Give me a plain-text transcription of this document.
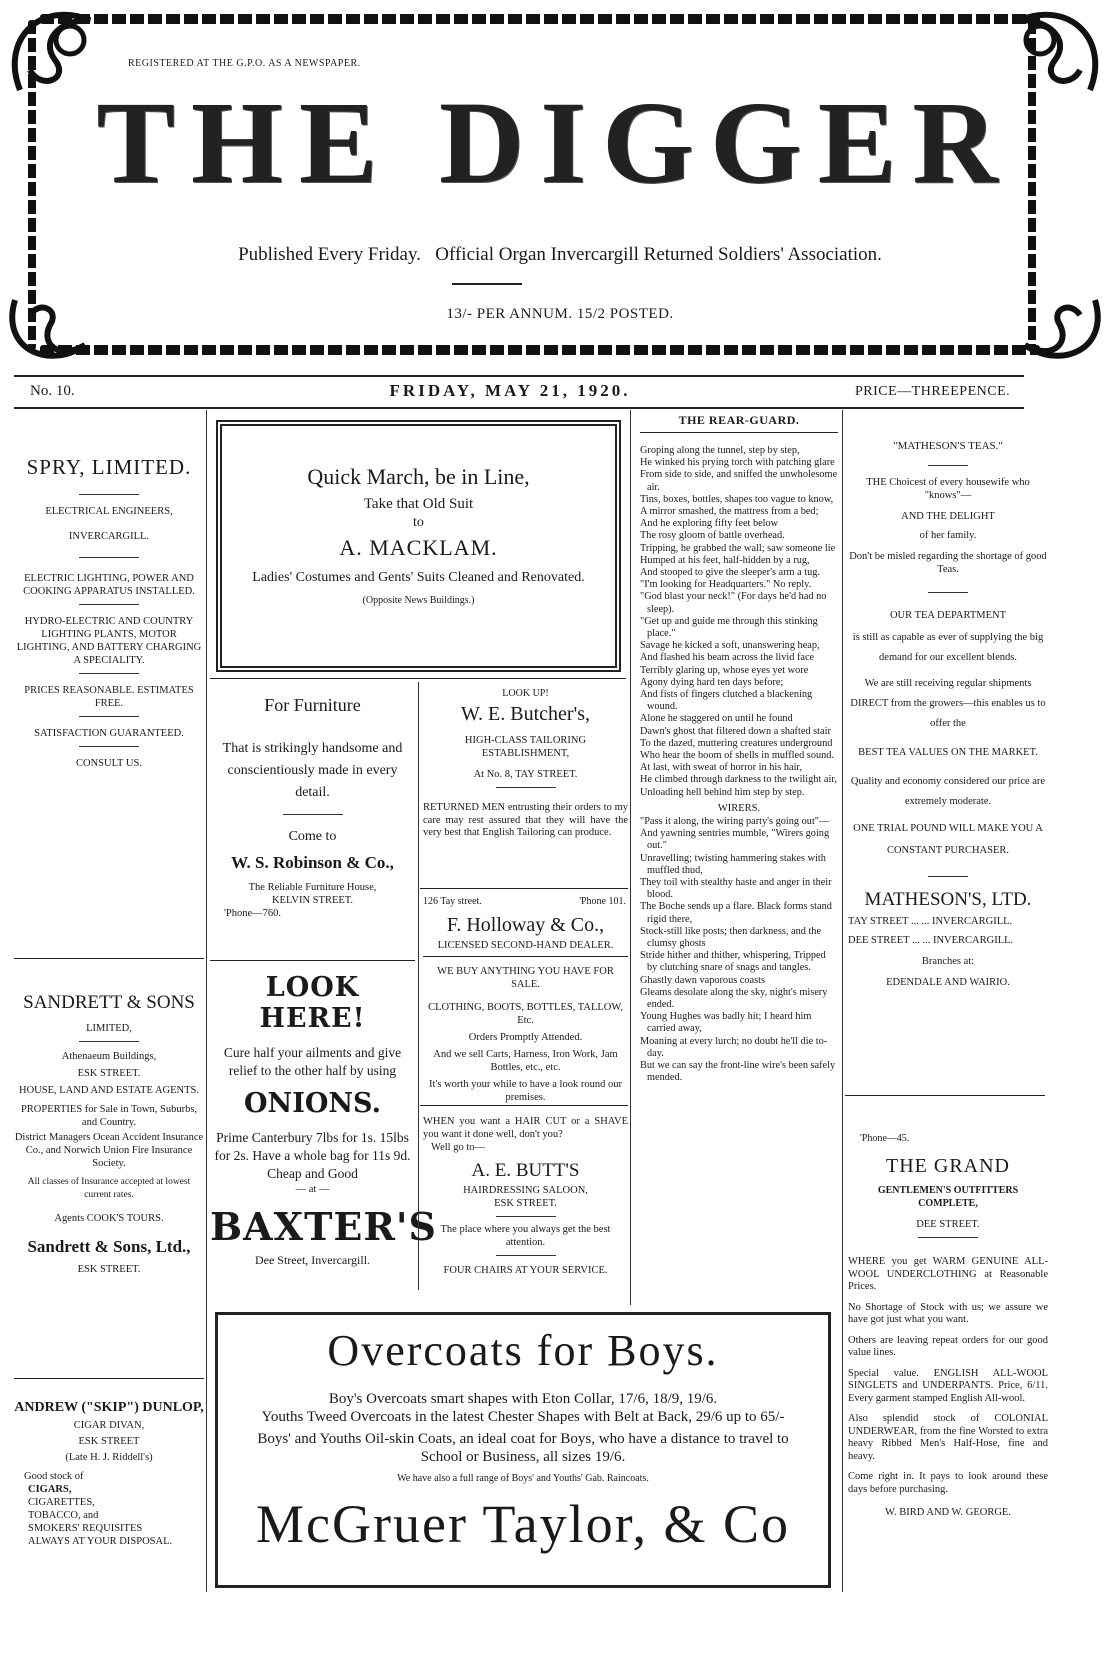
REGISTERED AT THE G.P.O. AS A NEWSPAPER.
THE DIGGER
Published Every Friday.   Official Organ Invercargill Returned Soldiers' Association.
13/- PER ANNUM. 15/2 POSTED.
No. 10.	FRIDAY, MAY 21, 1920.	PRICE—THREEPENCE.
SPRY, LIMITED.
ELECTRICAL ENGINEERS,
INVERCARGILL.
ELECTRIC LIGHTING, POWER AND COOKING APPARATUS INSTALLED.
HYDRO-ELECTRIC AND COUNTRY LIGHTING PLANTS, MOTOR LIGHTING, AND BATTERY CHARGING A SPECIALITY.
PRICES REASONABLE. ESTIMATES FREE.
SATISFACTION GUARANTEED.
CONSULT US.
SANDRETT & SONS
LIMITED,
Athenaeum Buildings,
ESK STREET.
HOUSE, LAND AND ESTATE AGENTS.
PROPERTIES for Sale in Town, Suburbs, and Country.
District Managers Ocean Accident Insurance Co., and Norwich Union Fire Insurance Society.
All classes of Insurance accepted at lowest current rates.
Agents COOK'S TOURS.
Sandrett & Sons, Ltd.,
ESK STREET.
ANDREW ("SKIP") DUNLOP,
CIGAR DIVAN,
ESK STREET
(Late H. J. Riddell's)
Good stock of
CIGARS,
CIGARETTES,
TOBACCO, and
SMOKERS' REQUISITES
ALWAYS AT YOUR DISPOSAL.
Quick March, be in Line,
Take that Old Suit
to
A. MACKLAM.
Ladies' Costumes and Gents' Suits Cleaned and Renovated.
(Opposite News Buildings.)
For Furniture
That is strikingly handsome and conscientiously made in every detail.
Come to
W. S. Robinson & Co.,
The Reliable Furniture House,
KELVIN STREET.
'Phone—760.
LOOK HERE!
Cure half your ailments and give relief to the other half by using
ONIONS.
Prime Canterbury 7lbs for 1s. 15lbs for 2s. Have a whole bag for 11s 9d. Cheap and Good
— at —
BAXTER'S
Dee Street, Invercargill.
LOOK UP!
W. E. Butcher's,
HIGH-CLASS TAILORING ESTABLISHMENT,
At No. 8, TAY STREET.
RETURNED MEN entrusting their orders to my care may rest assured that they will have the very best that English Tailoring can produce.
126 Tay street.	'Phone 101.
F. Holloway & Co.,
LICENSED SECOND-HAND DEALER.
WE BUY ANYTHING YOU HAVE FOR SALE.
CLOTHING, BOOTS, BOTTLES, TALLOW, Etc.
Orders Promptly Attended.
And we sell Carts, Harness, Iron Work, Jam Bottles, etc., etc.
It's worth your while to have a look round our premises.
WHEN you want a HAIR CUT or a SHAVE you want it done well, don't you?
Well go to—
A. E. BUTT'S
HAIRDRESSING SALOON,
ESK STREET.
The place where you always get the best attention.
FOUR CHAIRS AT YOUR SERVICE.
THE REAR-GUARD.

Groping along the tunnel, step by step,

He winked his prying torch with patching glare

From side to side, and sniffed the unwholesome air.

Tins, boxes, bottles, shapes too vague to know,

A mirror smashed, the mattress from a bed;

And he exploring fifty feet below

The rosy gloom of battle overhead.

Tripping, he grabbed the wall; saw someone lie

Humped at his feet, half-hidden by a rug,

And stooped to give the sleeper's arm a tug.

"I'm looking for Headquarters." No reply.

"God blast your neck!" (For days he'd had no sleep).

"Get up and guide me through this stinking place."

Savage he kicked a soft, unanswering heap,

And flashed his beam across the livid face

Terribly glaring up, whose eyes yet wore

Agony dying hard ten days before;

And fists of fingers clutched a blackening wound.

Alone he staggered on until he found

Dawn's ghost that filtered down a shafted stair

To the dazed, muttering creatures underground

Who hear the boom of shells in muffled sound.

At last, with sweat of horror in his hair,

He climbed through darkness to the twilight air,

Unloading hell behind him step by step.

WIRERS.

"Pass it along, the wiring party's going out"—

And yawning sentries mumble, "Wirers going out."

Unravelling; twisting hammering stakes with muffled thud,

They toil with stealthy haste and anger in their blood.

The Boche sends up a flare. Black forms stand rigid there,

Stock-still like posts; then darkness, and the clumsy ghosts

Stride hither and thither, whispering, Tripped by clutching snare of snags and tangles.

Ghastly dawn vaporous coasts

Gleams desolate along the sky, night's misery ended.

Young Hughes was badly hit; I heard him carried away,

Moaning at every lurch; no doubt he'll die to-day.

But we can say the front-line wire's been safely mended.

"MATHESON'S TEAS."
THE Choicest of every housewife who "knows"—
AND THE DELIGHT
of her family.
Don't be misled regarding the shortage of good Teas.
OUR TEA DEPARTMENT
is still as capable as ever of supplying the big demand for our excellent blends.
We are still receiving regular shipments DIRECT from the growers—this enables us to offer the
BEST TEA VALUES ON THE MARKET.
Quality and economy considered our price are extremely moderate.
ONE TRIAL POUND WILL MAKE YOU A CONSTANT PURCHASER.
MATHESON'S, LTD.
TAY STREET ... ... INVERCARGILL.
DEE STREET ... ... INVERCARGILL.
Branches at:
EDENDALE AND WAIRIO.
'Phone—45.
THE GRAND
GENTLEMEN'S OUTFITTERS COMPLETE,
DEE STREET.
WHERE you get WARM GENUINE ALL-WOOL UNDERCLOTHING at Reasonable Prices.
No Shortage of Stock with us; we assure we have got just what you want.
Others are leaving repeat orders for our good value lines.
Special value. ENGLISH ALL-WOOL SINGLETS and UNDERPANTS. Price, 6/11. Every garment stamped English All-wool.
Also splendid stock of COLONIAL UNDERWEAR, from the fine Worsted to extra heavy Ribbed Men's Half-Hose, fine and heavy.
Come right in. It pays to look around these days before purchasing.
W. BIRD AND W. GEORGE.
Overcoats for Boys.
Boy's Overcoats smart shapes with Eton Collar, 17/6, 18/9, 19/6.
Youths Tweed Overcoats in the latest Chester Shapes with Belt at Back, 29/6 up to 65/-
Boys' and Youths Oil-skin Coats, an ideal coat for Boys, who have a distance to travel to School or Business, all sizes 19/6.
We have also a full range of Boys' and Youths' Gab. Raincoats.
McGruer Taylor, & Co
